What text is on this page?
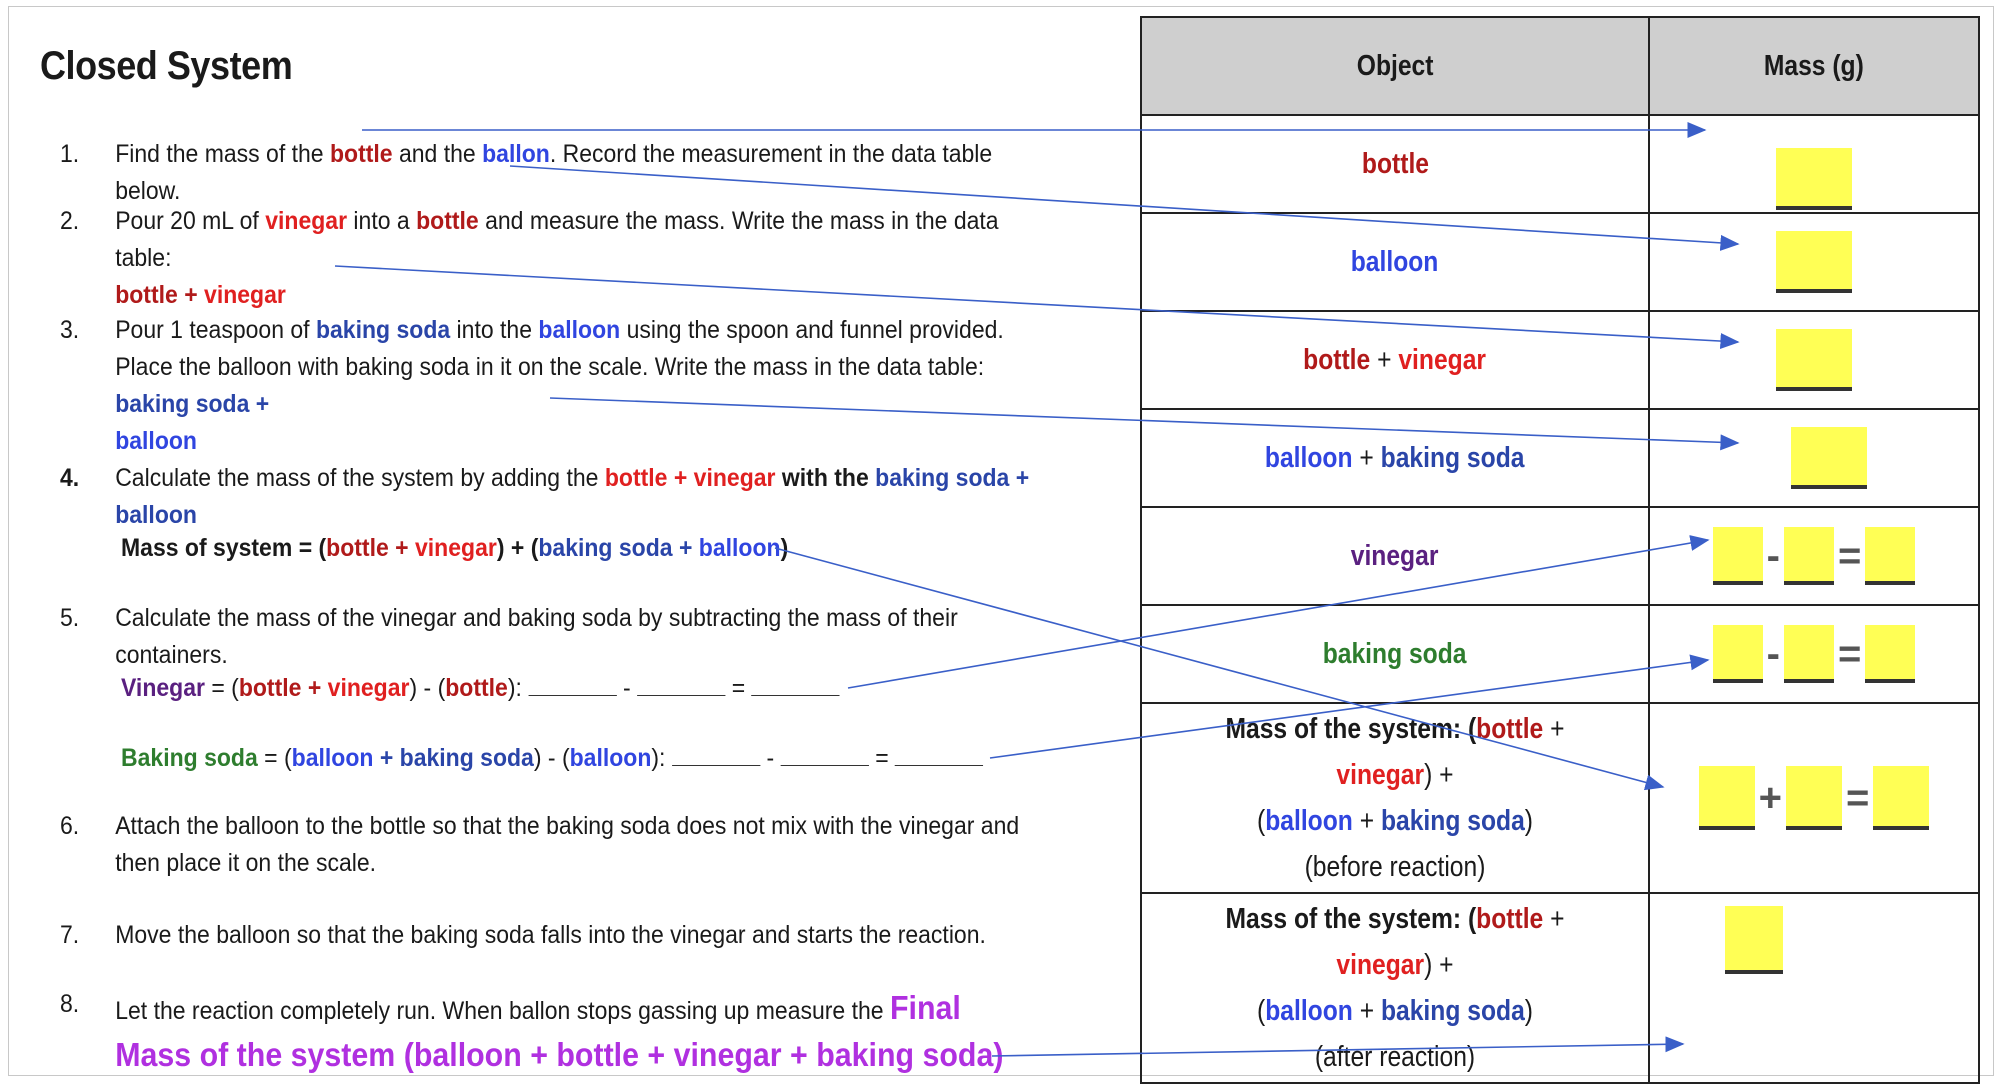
Closed System
1.	Find the mass of the bottle and the ballon. Record the measurement in the data table below.
2.	Pour 20 mL of vinegar into a bottle and measure the mass. Write the mass in the data table:
bottle + vinegar
3.	Pour 1 teaspoon of baking soda into the balloon using the spoon and funnel provided. Place the balloon with baking soda in it on the scale. Write the mass in the data table: baking soda +
balloon
4.	Calculate the mass of the system by adding the bottle + vinegar with the baking soda + balloon
Mass of system = (bottle + vinegar) + (baking soda + balloon)
5.	Calculate the mass of the vinegar and baking soda by subtracting the mass of their containers.
Vinegar = (bottle + vinegar) - (bottle):	-	=
Baking soda = (balloon + baking soda) - (balloon):	-	=
6.	Attach the balloon to the bottle so that the baking soda does not mix with the vinegar and then place it on the scale.
7.	Move the balloon so that the baking soda falls into the vinegar and starts the reaction.
8.	Let the reaction completely run. When ballon stops gassing up measure the Final Mass of the system (balloon + bottle + vinegar + baking soda)
Object	Mass (g)
bottle	
balloon	
bottle + vinegar	
balloon + baking soda	
vinegar	- =
baking soda	- =
Mass of the system: (bottle + vinegar) +
(balloon + baking soda)
(before reaction)	+ =
Mass of the system: (bottle + vinegar) +
(balloon + baking soda)
(after reaction)	
